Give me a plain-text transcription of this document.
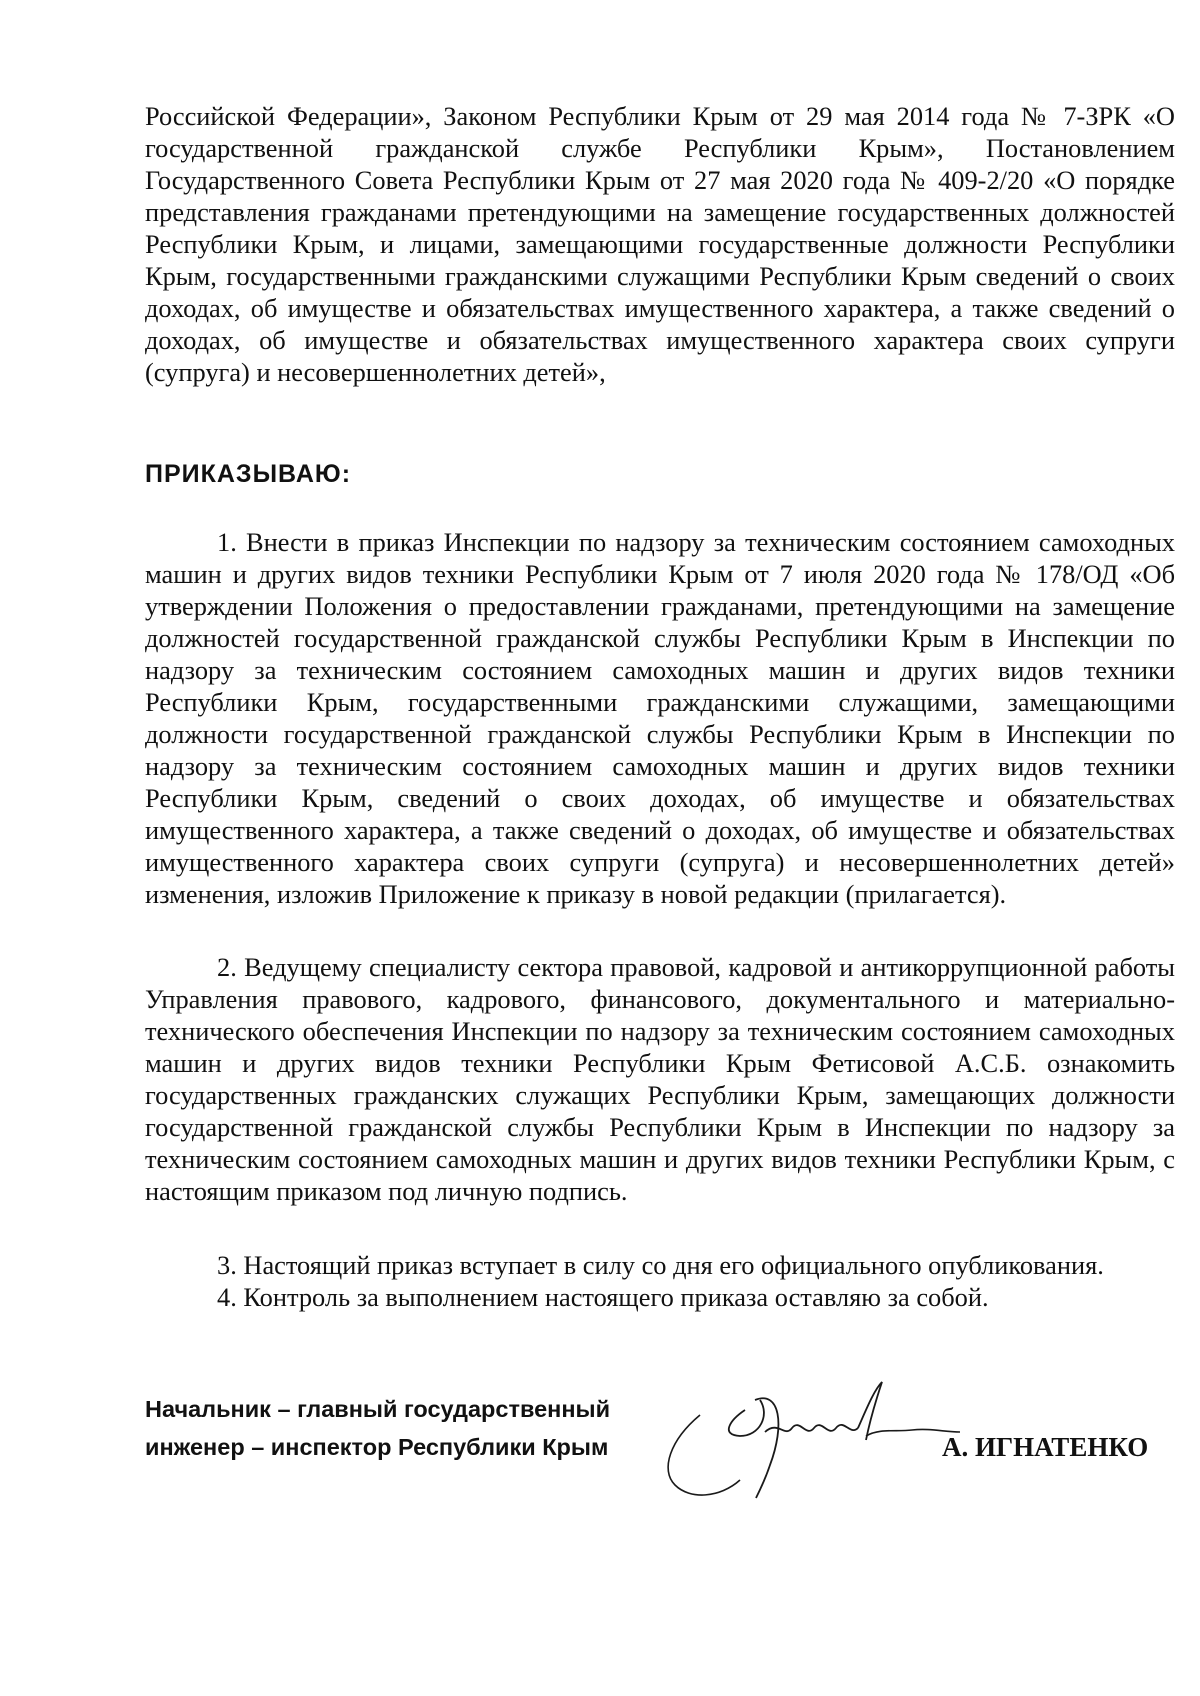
Российской Федерации», Законом Республики Крым от 29 мая 2014 года № 7-ЗРК «О государственной гражданской службе Республики Крым», Постановлением Государственного Совета Республики Крым от 27 мая 2020 года № 409-2/20 «О порядке представления гражданами претендующими на замещение государственных должностей Республики Крым, и лицами, замещающими государственные должности Республики Крым, государственными гражданскими служащими Республики Крым сведений о своих доходах, об имуществе и обязательствах имущественного характера, а также сведений о доходах, об имуществе и обязательствах имущественного характера своих супруги (супруга) и несовершеннолетних детей»,

ПРИКАЗЫВАЮ:

1. Внести в приказ Инспекции по надзору за техническим состоянием самоходных машин и других видов техники Республики Крым от 7 июля 2020 года № 178/ОД «Об утверждении Положения о предоставлении гражданами, претендующими на замещение должностей государственной гражданской службы Республики Крым в Инспекции по надзору за техническим состоянием самоходных машин и других видов техники Республики Крым, государственными гражданскими служащими, замещающими должности государственной гражданской службы Республики Крым в Инспекции по надзору за техническим состоянием самоходных машин и других видов техники Республики Крым, сведений о своих доходах, об имуществе и обязательствах имущественного характера, а также сведений о доходах, об имуществе и обязательствах имущественного характера своих супруги (супруга) и несовершеннолетних детей» изменения, изложив Приложение к приказу в новой редакции (прилагается).

2. Ведущему специалисту сектора правовой, кадровой и антикоррупционной работы Управления правового, кадрового, финансового, документального и материально-технического обеспечения Инспекции по надзору за техническим состоянием самоходных машин и других видов техники Республики Крым Фетисовой А.С.Б. ознакомить государственных гражданских служащих Республики Крым, замещающих должности государственной гражданской службы Республики Крым в Инспекции по надзору за техническим состоянием самоходных машин и других видов техники Республики Крым, с настоящим приказом под личную подпись.

3. Настоящий приказ вступает в силу со дня его официального опубликования.

4. Контроль за выполнением настоящего приказа оставляю за собой.

Начальник – главный государственный
инженер – инспектор Республики Крым	А. ИГНАТЕНКО
